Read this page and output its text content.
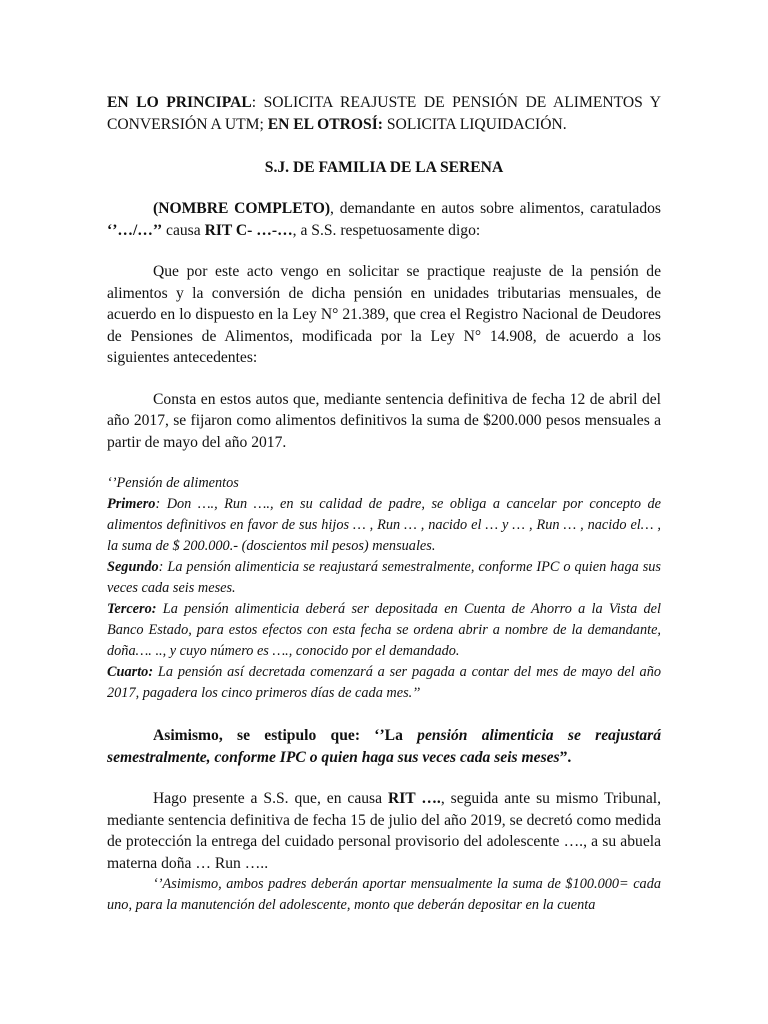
EN LO PRINCIPAL: SOLICITA REAJUSTE DE PENSIÓN DE ALIMENTOS Y CONVERSIÓN A UTM; EN EL OTROSÍ: SOLICITA LIQUIDACIÓN.

S.J. DE FAMILIA DE LA SERENA

(NOMBRE COMPLETO), demandante en autos sobre alimentos, caratulados ‘’…/…’’ causa RIT C- …-…, a S.S. respetuosamente digo:

Que por este acto vengo en solicitar se practique reajuste de la pensión de alimentos y la conversión de dicha pensión en unidades tributarias mensuales, de acuerdo en lo dispuesto en la Ley N° 21.389, que crea el Registro Nacional de Deudores de Pensiones de Alimentos, modificada por la Ley N° 14.908, de acuerdo a los siguientes antecedentes:

Consta en estos autos que, mediante sentencia definitiva de fecha 12 de abril del año 2017, se fijaron como alimentos definitivos la suma de $200.000 pesos mensuales a partir de mayo del año 2017.

‘’Pensión de alimentos

Primero: Don …., Run …., en su calidad de padre, se obliga a cancelar por concepto de alimentos definitivos en favor de sus hijos … , Run … , nacido el … y … , Run … , nacido el… , la suma de $ 200.000.- (doscientos mil pesos) mensuales.

Segundo: La pensión alimenticia se reajustará semestralmente, conforme IPC o quien haga sus veces cada seis meses.

Tercero: La pensión alimenticia deberá ser depositada en Cuenta de Ahorro a la Vista del Banco Estado, para estos efectos con esta fecha se ordena abrir a nombre de la demandante, doña…. .., y cuyo número es …., conocido por el demandado.

Cuarto: La pensión así decretada comenzará a ser pagada a contar del mes de mayo del año 2017, pagadera los cinco primeros días de cada mes.’’

Asimismo, se estipulo que: ‘’La pensión alimenticia se reajustará semestralmente, conforme IPC o quien haga sus veces cada seis meses”.

Hago presente a S.S. que, en causa RIT …., seguida ante su mismo Tribunal, mediante sentencia definitiva de fecha 15 de julio del año 2019, se decretó como medida de protección la entrega del cuidado personal provisorio del adolescente …., a su abuela materna doña … Run …..

‘’Asimismo, ambos padres deberán aportar mensualmente la suma de $100.000= cada uno, para la manutención del adolescente, monto que deberán depositar en la cuenta
